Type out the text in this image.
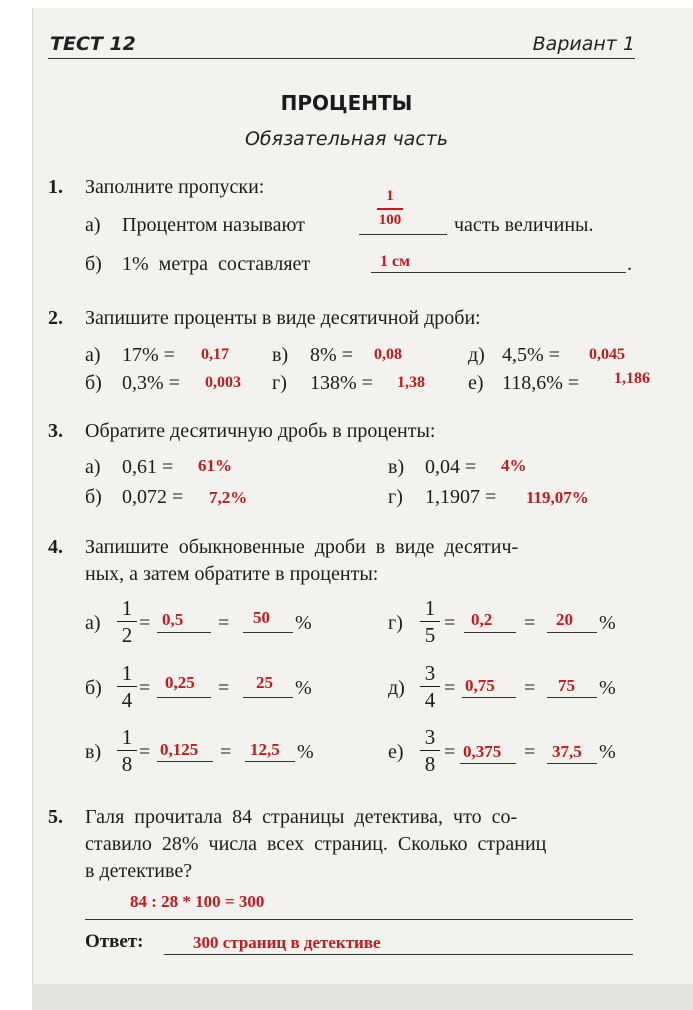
ТЕСТ 12	Вариант 1
ПРОЦЕНТЫ
Обязательная часть
1. Заполните пропуски:
а) Процентом называют
1
100	часть величины.
б) 1%  метра  составляет	1 см	.
2. Запишите проценты в виде десятичной дроби:
а) 17% = 0,17 в) 8% = 0,08	д) 4,5% = 0,045
б) 0,3% = 0,003 г) 138% = 1,38 е) 118,6% = 1,186
3. Обратите десятичную дробь в проценты:
а) 0,61 = 61%	в) 0,04 = 4%
б) 0,072 = 7,2%	г) 1,1907 = 119,07%
4. Запишите  обыкновенные  дроби  в  виде  десятич-
ных, а затем обратите в проценты:
а)
1
2 = 0,5 = 50 %	г)
1
5 = 0,2 = 20 %
б)
1
4 = 0,25 = 25 %	д)
3
4 = 0,75 = 75 %
в)
1
8 = 0,125 = 12,5 %	е)
3
8 = 0,375 = 37,5 %
5. Галя  прочитала  84  страницы  детектива,  что  со-
ставило  28%  числа  всех  страниц.  Сколько  страниц
в детективе?
84 : 28 * 100 = 300
Ответ:	300 страниц в детективе
